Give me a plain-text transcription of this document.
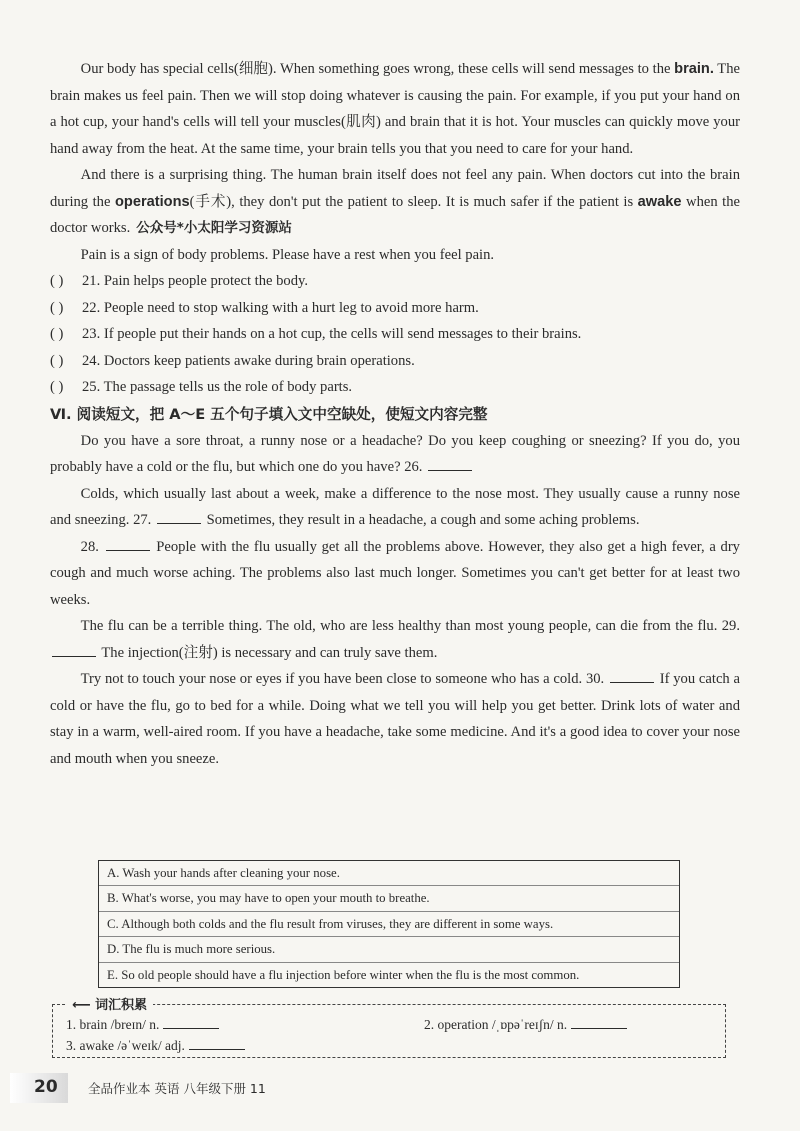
Our body has special cells(细胞). When something goes wrong, these cells will send messages to the brain. The brain makes us feel pain. Then we will stop doing whatever is causing the pain. For example, if you put your hand on a hot cup, your hand's cells will tell your muscles(肌肉) and brain that it is hot. Your muscles can quickly move your hand away from the heat. At the same time, your brain tells you that you need to care for your hand.

And there is a surprising thing. The human brain itself does not feel any pain. When doctors cut into the brain during the operations(手术), they don't put the patient to sleep. It is much safer if the patient is awake when the doctor works. 公众号*小太阳学习资源站

Pain is a sign of body problems. Please have a rest when you feel pain.

( ) 21. Pain helps people protect the body.

( ) 22. People need to stop walking with a hurt leg to avoid more harm.

( ) 23. If people put their hands on a hot cup, the cells will send messages to their brains.

( ) 24. Doctors keep patients awake during brain operations.

( ) 25. The passage tells us the role of body parts.

Ⅵ. 阅读短文，把 A～E 五个句子填入文中空缺处，使短文内容完整

Do you have a sore throat, a runny nose or a headache? Do you keep coughing or sneezing? If you do, you probably have a cold or the flu, but which one do you have? 26.

Colds, which usually last about a week, make a difference to the nose most. They usually cause a runny nose and sneezing. 27.	Sometimes, they result in a headache, a cough and some aching problems.

28.	People with the flu usually get all the problems above. However, they also get a high fever, a dry cough and much worse aching. The problems also last much longer. Sometimes you can't get better for at least two weeks.

The flu can be a terrible thing. The old, who are less healthy than most young people, can die from the flu. 29.  The injection(注射) is necessary and can truly save them.

Try not to touch your nose or eyes if you have been close to someone who has a cold. 30.	If you catch a cold or have the flu, go to bed for a while. Doing what we tell you will help you get better. Drink lots of water and stay in a warm, well-aired room. If you have a headache, take some medicine. And it's a good idea to cover your nose and mouth when you sneeze.

A. Wash your hands after cleaning your nose.
B. What's worse, you may have to open your mouth to breathe.
C. Although both colds and the flu result from viruses, they are different in some ways.
D. The flu is much more serious.
E. So old people should have a flu injection before winter when the flu is the most common.
⟵ 词汇积累
1. brain /breɪn/ n.	2. operation /ˌɒpəˈreɪʃn/ n.
3. awake /əˈweɪk/ adj.
20 全品作业本 英语 八年级下册 11
